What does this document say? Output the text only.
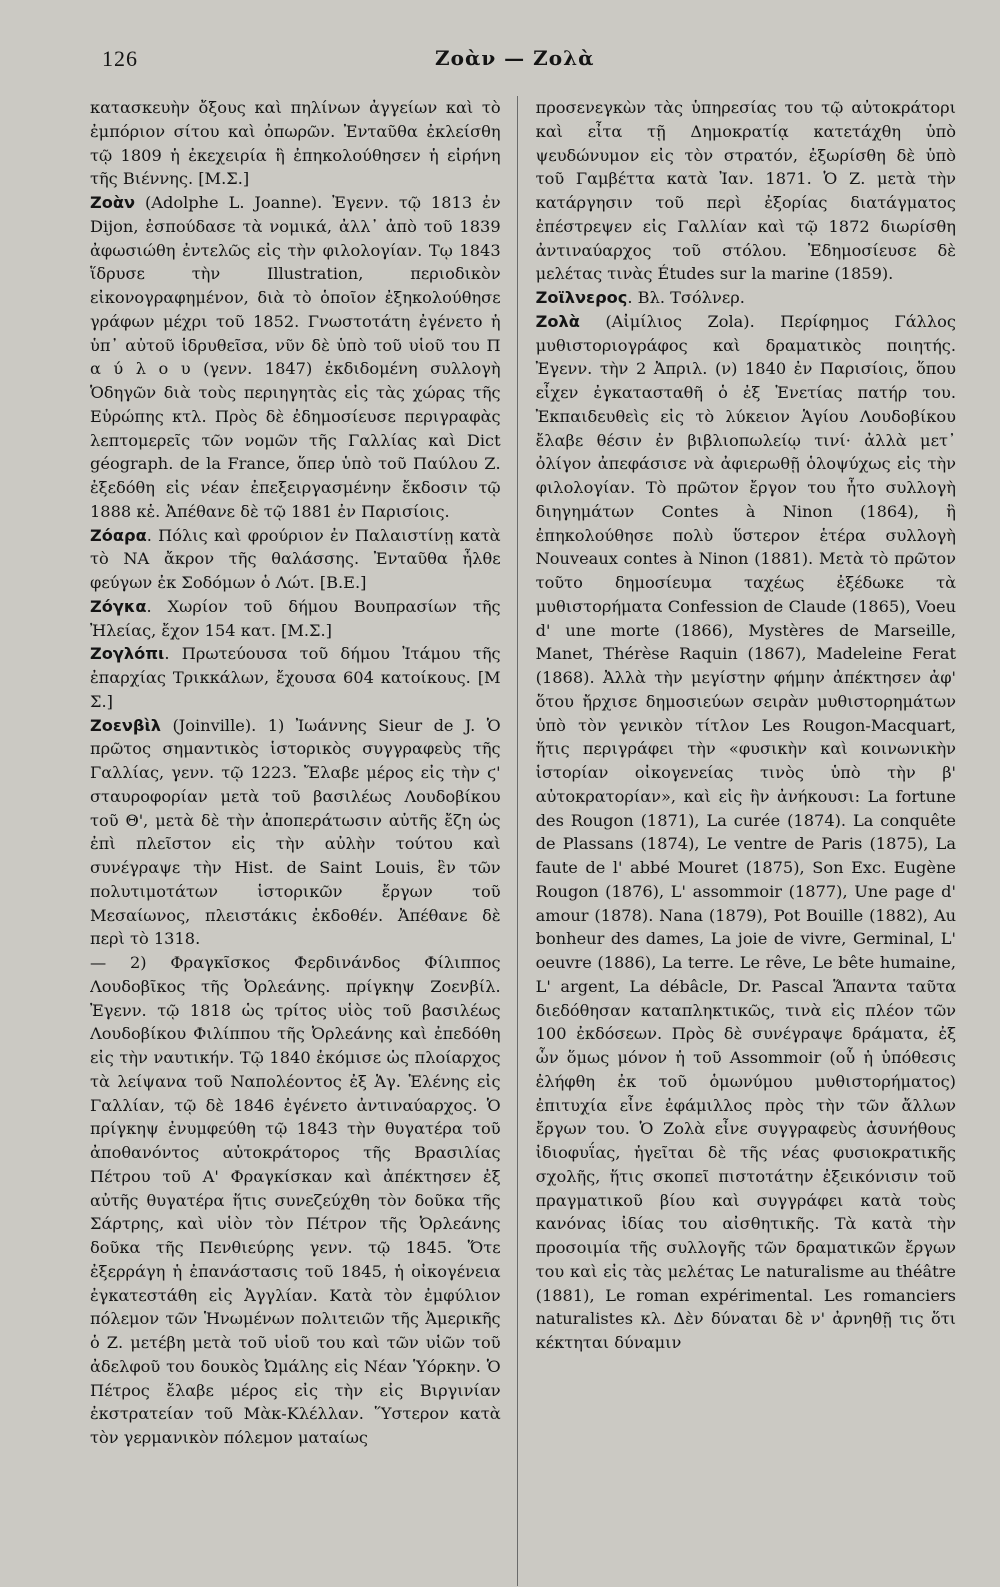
126	Ζοὰν — Ζολὰ

κατασκευὴν ὄξους καὶ πηλίνων ἀγγείων καὶ τὸ ἐμπόριον σίτου καὶ ὀπωρῶν. Ἐνταῦθα ἐκλείσθη τῷ 1809 ἡ ἐκεχειρία ἣ ἐπηκολούθησεν ἡ εἰρήνη τῆς Βιέννης. [Μ.Σ.]

Ζοὰν (Adolphe L. Joanne). Ἐγενν. τῷ 1813 ἐν Dijon, ἐσπούδασε τὰ νομικά, ἀλλ᾽ ἀπὸ τοῦ 1839 ἀφωσιώθη ἐντελῶς εἰς τὴν φιλολογίαν. Τῳ 1843 ἵδρυσε τὴν Illustration, περιοδικὸν εἰκονογραφημένον, διὰ τὸ ὁποῖον ἐξηκολούθησε γράφων μέχρι τοῦ 1852. Γνωστοτάτη ἐγένετο ἡ ὑπ᾽ αὐτοῦ ἱδρυθεῖσα, νῦν δὲ ὑπὸ τοῦ υἱοῦ του Π α ύ λ ο υ (γενν. 1847) ἐκδιδομένη συλλογὴ Ὁδηγῶν διὰ τοὺς περιηγητὰς εἰς τὰς χώρας τῆς Εὐρώπης κτλ. Πρὸς δὲ ἐδημοσίευσε περιγραφὰς λεπτομερεῖς τῶν νομῶν τῆς Γαλλίας καὶ Dict géograph. de la France, ὅπερ ὑπὸ τοῦ Παύλου Ζ. ἐξεδόθη εἰς νέαν ἐπεξειργασμένην ἔκδοσιν τῷ 1888 κἑ. Ἀπέθανε δὲ τῷ 1881 ἐν Παρισίοις.

Ζόαρα. Πόλις καὶ φρούριον ἐν Παλαιστίνῃ κατὰ τὸ ΝΑ ἄκρον τῆς θαλάσσης. Ἐνταῦθα ἦλθε φεύγων ἐκ Σοδόμων ὁ Λώτ. [Β.Ε.]

Ζόγκα. Χωρίον τοῦ δήμου Βουπρασίων τῆς Ἠλείας, ἔχον 154 κατ. [Μ.Σ.]

Ζογλόπι. Πρωτεύουσα τοῦ δήμου Ἰτάμου τῆς ἐπαρχίας Τρικκάλων, ἔχουσα 604 κατοίκους. [Μ Σ.]

Ζοενβὶλ (Joinville). 1) Ἰωάννης Sieur de J. Ὁ πρῶτος σημαντικὸς ἱστορικὸς συγγραφεὺς τῆς Γαλλίας, γενν. τῷ 1223. Ἔλαβε μέρος εἰς τὴν ϛ' σταυροφορίαν μετὰ τοῦ βασιλέως Λουδοβίκου τοῦ Θ', μετὰ δὲ τὴν ἀποπεράτωσιν αὐτῆς ἔζη ὡς ἐπὶ πλεῖστον εἰς τὴν αὐλὴν τούτου καὶ συνέγραψε τὴν Hist. de Saint Louis, ἓν τῶν πολυτιμοτάτων ἱστορικῶν ἔργων τοῦ Μεσαίωνος, πλειστάκις ἐκδοθέν. Ἀπέθανε δὲ περὶ τὸ 1318.

— 2) Φραγκῖσκος Φερδινάνδος Φίλιππος Λουδοβῖκος τῆς Ὀρλεάνης. πρίγκηψ Ζοενβίλ. Ἐγενν. τῷ 1818 ὡς τρίτος υἱὸς τοῦ βασιλέως Λουδοβίκου Φιλίππου τῆς Ὀρλεάνης καὶ ἐπεδόθη εἰς τὴν ναυτικήν. Τῷ 1840 ἐκόμισε ὡς πλοίαρχος τὰ λείψανα τοῦ Ναπολέοντος ἐξ Ἁγ. Ἑλένης εἰς Γαλλίαν, τῷ δὲ 1846 ἐγένετο ἀντιναύαρχος. Ὁ πρίγκηψ ἐνυμφεύθη τῷ 1843 τὴν θυγατέρα τοῦ ἀποθανόντος αὐτοκράτορος τῆς Βρασιλίας Πέτρου τοῦ Α' Φραγκίσκαν καὶ ἀπέκτησεν ἐξ αὐτῆς θυγατέρα ἥτις συνεζεύχθη τὸν δοῦκα τῆς Σάρτρης, καὶ υἱὸν τὸν Πέτρον τῆς Ὀρλεάνης δοῦκα τῆς Πενθιεύρης γενν. τῷ 1845. Ὅτε ἐξερράγη ἡ ἐπανάστασις τοῦ 1845, ἡ οἰκογένεια ἐγκατεστάθη εἰς Ἀγγλίαν. Κατὰ τὸν ἐμφύλιον πόλεμον τῶν Ἡνωμένων πολιτειῶν τῆς Ἀμερικῆς ὁ Ζ. μετέβη μετὰ τοῦ υἱοῦ του καὶ τῶν υἱῶν τοῦ ἀδελφοῦ του δουκὸς Ὠμάλης εἰς Νέαν Ὑόρκην. Ὁ Πέτρος ἔλαβε μέρος εἰς τὴν εἰς Βιργινίαν ἐκστρατείαν τοῦ Μὰκ-Κλέλλαν. Ὕστερον κατὰ τὸν γερμανικὸν πόλεμον ματαίως

προσενεγκὼν τὰς ὑπηρεσίας του τῷ αὐτοκράτορι καὶ εἶτα τῇ Δημοκρατίᾳ κατετάχθη ὑπὸ ψευδώνυμον εἰς τὸν στρατόν, ἐξωρίσθη δὲ ὑπὸ τοῦ Γαμβέττα κατὰ Ἰαν. 1871. Ὁ Ζ. μετὰ τὴν κατάργησιν τοῦ περὶ ἐξορίας διατάγματος ἐπέστρεψεν εἰς Γαλλίαν καὶ τῷ 1872 διωρίσθη ἀντιναύαρχος τοῦ στόλου. Ἐδημοσίευσε δὲ μελέτας τινὰς Études sur la marine (1859).

Ζοϊλνερος. Βλ. Τσόλνερ.

Ζολὰ (Αἰμίλιος Zola). Περίφημος Γάλλος μυθιστοριογράφος καὶ δραματικὸς ποιητής. Ἐγενν. τὴν 2 Ἀπριλ. (ν) 1840 ἐν Παρισίοις, ὅπου εἶχεν ἐγκατασταθῆ ὁ ἐξ Ἑνετίας πατήρ του. Ἐκπαιδευθεὶς εἰς τὸ λύκειον Ἁγίου Λουδοβίκου ἔλαβε θέσιν ἐν βιβλιοπωλείῳ τινί· ἀλλὰ μετ᾽ ὀλίγον ἀπεφάσισε νὰ ἀφιερωθῇ ὁλοψύχως εἰς τὴν φιλολογίαν. Τὸ πρῶτον ἔργον του ἦτο συλλογὴ διηγημάτων Contes à Ninon (1864), ἣ ἐπηκολούθησε πολὺ ὕστερον ἑτέρα συλλογὴ Nouveaux contes à Ninon (1881). Μετὰ τὸ πρῶτον τοῦτο δημοσίευμα ταχέως ἐξέδωκε τὰ μυθιστορήματα Confession de Claude (1865), Voeu d' une morte (1866), Mystères de Marseille, Manet, Thérèse Raquin (1867), Madeleine Ferat (1868). Ἀλλὰ τὴν μεγίστην φήμην ἀπέκτησεν ἀφ' ὅτου ἤρχισε δημοσιεύων σειρὰν μυθιστορημάτων ὑπὸ τὸν γενικὸν τίτλον Les Rougon-Macquart, ἥτις περιγράφει τὴν «φυσικὴν καὶ κοινωνικὴν ἱστορίαν οἰκογενείας τινὸς ὑπὸ τὴν β' αὐτοκρατορίαν», καὶ εἰς ἣν ἀνήκουσι: La fortune des Rougon (1871), La curée (1874). La conquête de Plassans (1874), Le ventre de Paris (1875), La faute de l' abbé Mouret (1875), Son Exc. Eugène Rougon (1876), L' assommoir (1877), Une page d' amour (1878). Nana (1879), Pot Bouille (1882), Au bonheur des dames, La joie de vivre, Germinal, L' oeuvre (1886), La terre. Le rêve, Le bête humaine, L' argent, La débâcle, Dr. Pascal Ἅπαντα ταῦτα διεδόθησαν καταπληκτικῶς, τινὰ εἰς πλέον τῶν 100 ἐκδόσεων. Πρὸς δὲ συνέγραψε δράματα, ἐξ ὧν ὅμως μόνον ἡ τοῦ Assommoir (οὗ ἡ ὑπόθεσις ἐλήφθη ἐκ τοῦ ὁμωνύμου μυθιστορήματος) ἐπιτυχία εἶνε ἐφάμιλλος πρὸς τὴν τῶν ἄλλων ἔργων του. Ὁ Ζολὰ εἶνε συγγραφεὺς ἀσυνήθους ἰδιοφυΐας, ἡγεῖται δὲ τῆς νέας φυσιοκρατικῆς σχολῆς, ἥτις σκοπεῖ πιστοτάτην ἐξεικόνισιν τοῦ πραγματικοῦ βίου καὶ συγγράφει κατὰ τοὺς κανόνας ἰδίας του αἰσθητικῆς. Τὰ κατὰ τὴν προσοιμία τῆς συλλογῆς τῶν δραματικῶν ἔργων του καὶ εἰς τὰς μελέτας Le naturalisme au théâtre (1881), Le roman expérimental. Les romanciers naturalistes κλ. Δὲν δύναται δὲ ν' ἀρνηθῇ τις ὅτι κέκτηται δύναμιν
